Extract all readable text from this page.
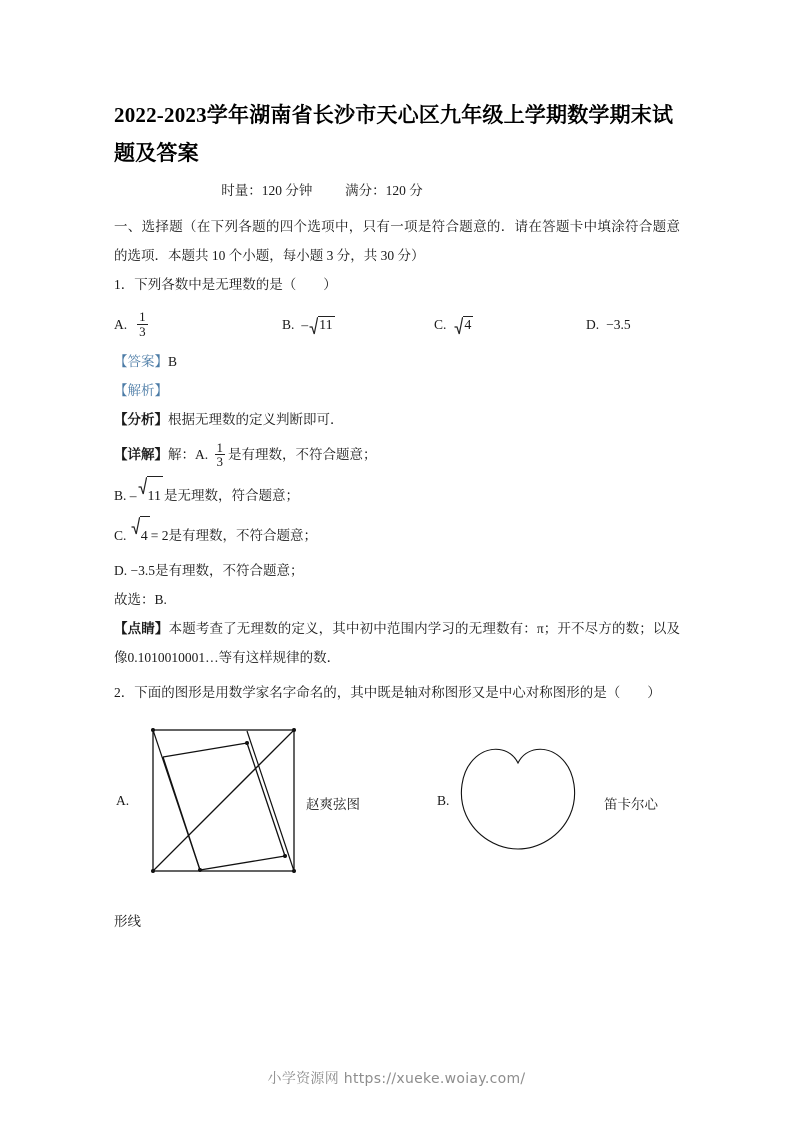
2022-2023学年湖南省长沙市天心区九年级上学期数学期末试题及答案
时量：120 分钟 满分：120 分

一、选择题（在下列各题的四个选项中，只有一项是符合题意的．请在答题卡中填涂符合题意的选项．本题共 10 个小题，每小题 3 分，共 30 分）

1．下列各数中是无理数的是（　　）

A. $\frac{1}{3}$	B. – 11	C.	4	D. −3.5

【答案】B

【解析】

【分析】根据无理数的定义判断即可．

【详解】解：A. $\frac{1}{3}$ 是有理数，不符合题意；

B. – 11 是无理数，符合题意；

C. 4 = 2是有理数，不符合题意；

D. −3.5是有理数，不符合题意；

故选：B.

【点睛】本题考查了无理数的定义，其中初中范围内学习的无理数有：π；开不尽方的数；以及像0.1010010001…等有这样规律的数．

2．下面的图形是用数学家名字命名的，其中既是轴对称图形又是中心对称图形的是（　　）

A.	赵爽弦图	B.	笛卡尔心

形线

小学资源网 https://xueke.woiay.com/
